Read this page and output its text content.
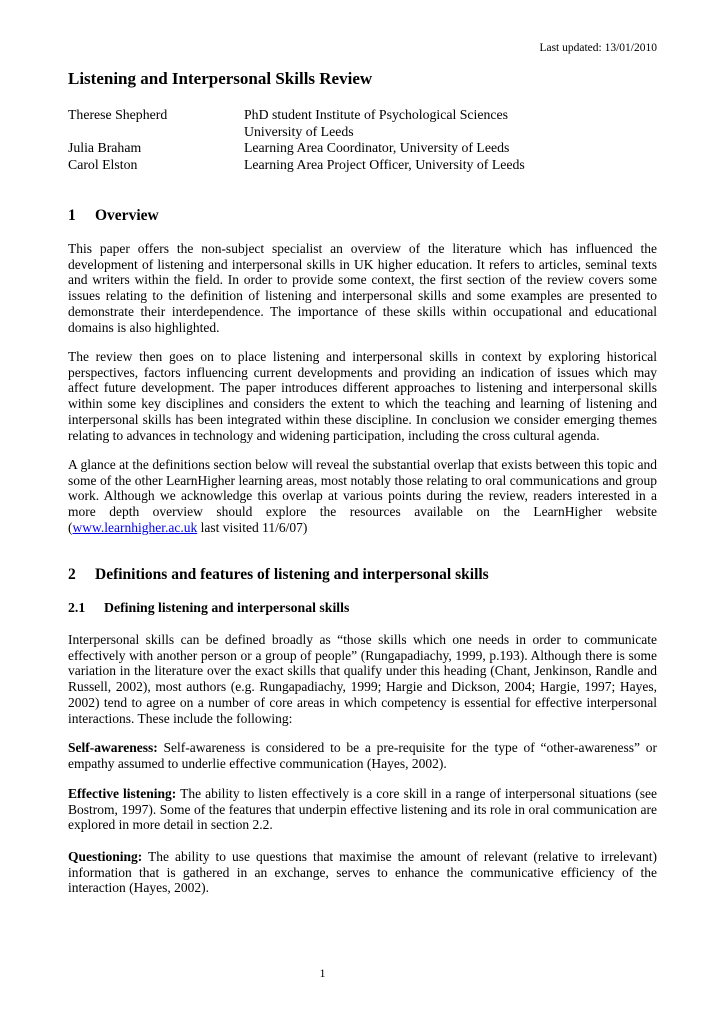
Last updated: 13/01/2010
Listening and Interpersonal Skills Review
Therese Shepherd	PhD student Institute of Psychological Sciences
University of Leeds
Julia Braham	Learning Area Coordinator, University of Leeds
Carol Elston	Learning Area Project Officer, University of Leeds
1 Overview
This paper offers the non-subject specialist an overview of the literature which has influenced the development of listening and interpersonal skills in UK higher education. It refers to articles, seminal texts and writers within the field. In order to provide some context, the first section of the review covers some issues relating to the definition of listening and interpersonal skills and some examples are presented to demonstrate their interdependence. The importance of these skills within occupational and educational domains is also highlighted.
The review then goes on to place listening and interpersonal skills in context by exploring historical perspectives, factors influencing current developments and providing an indication of issues which may affect future development. The paper introduces different approaches to listening and interpersonal skills within some key disciplines and considers the extent to which the teaching and learning of listening and interpersonal skills has been integrated within these discipline. In conclusion we consider emerging themes relating to advances in technology and widening participation, including the cross cultural agenda.
A glance at the definitions section below will reveal the substantial overlap that exists between this topic and some of the other LearnHigher learning areas, most notably those relating to oral communications and group work. Although we acknowledge this overlap at various points during the review, readers interested in a more depth overview should explore the resources available on the LearnHigher website (www.learnhigher.ac.uk last visited 11/6/07)
2 Definitions and features of listening and interpersonal skills
2.1 Defining listening and interpersonal skills
Interpersonal skills can be defined broadly as “those skills which one needs in order to communicate effectively with another person or a group of people” (Rungapadiachy, 1999, p.193). Although there is some variation in the literature over the exact skills that qualify under this heading (Chant, Jenkinson, Randle and Russell, 2002), most authors (e.g. Rungapadiachy, 1999; Hargie and Dickson, 2004; Hargie, 1997; Hayes, 2002) tend to agree on a number of core areas in which competency is essential for effective interpersonal interactions. These include the following:
Self-awareness: Self-awareness is considered to be a pre-requisite for the type of “other-awareness” or empathy assumed to underlie effective communication (Hayes, 2002).
Effective listening: The ability to listen effectively is a core skill in a range of interpersonal situations (see Bostrom, 1997). Some of the features that underpin effective listening and its role in oral communication are explored in more detail in section 2.2.
Questioning: The ability to use questions that maximise the amount of relevant (relative to irrelevant) information that is gathered in an exchange, serves to enhance the communicative efficiency of the interaction (Hayes, 2002).
1
